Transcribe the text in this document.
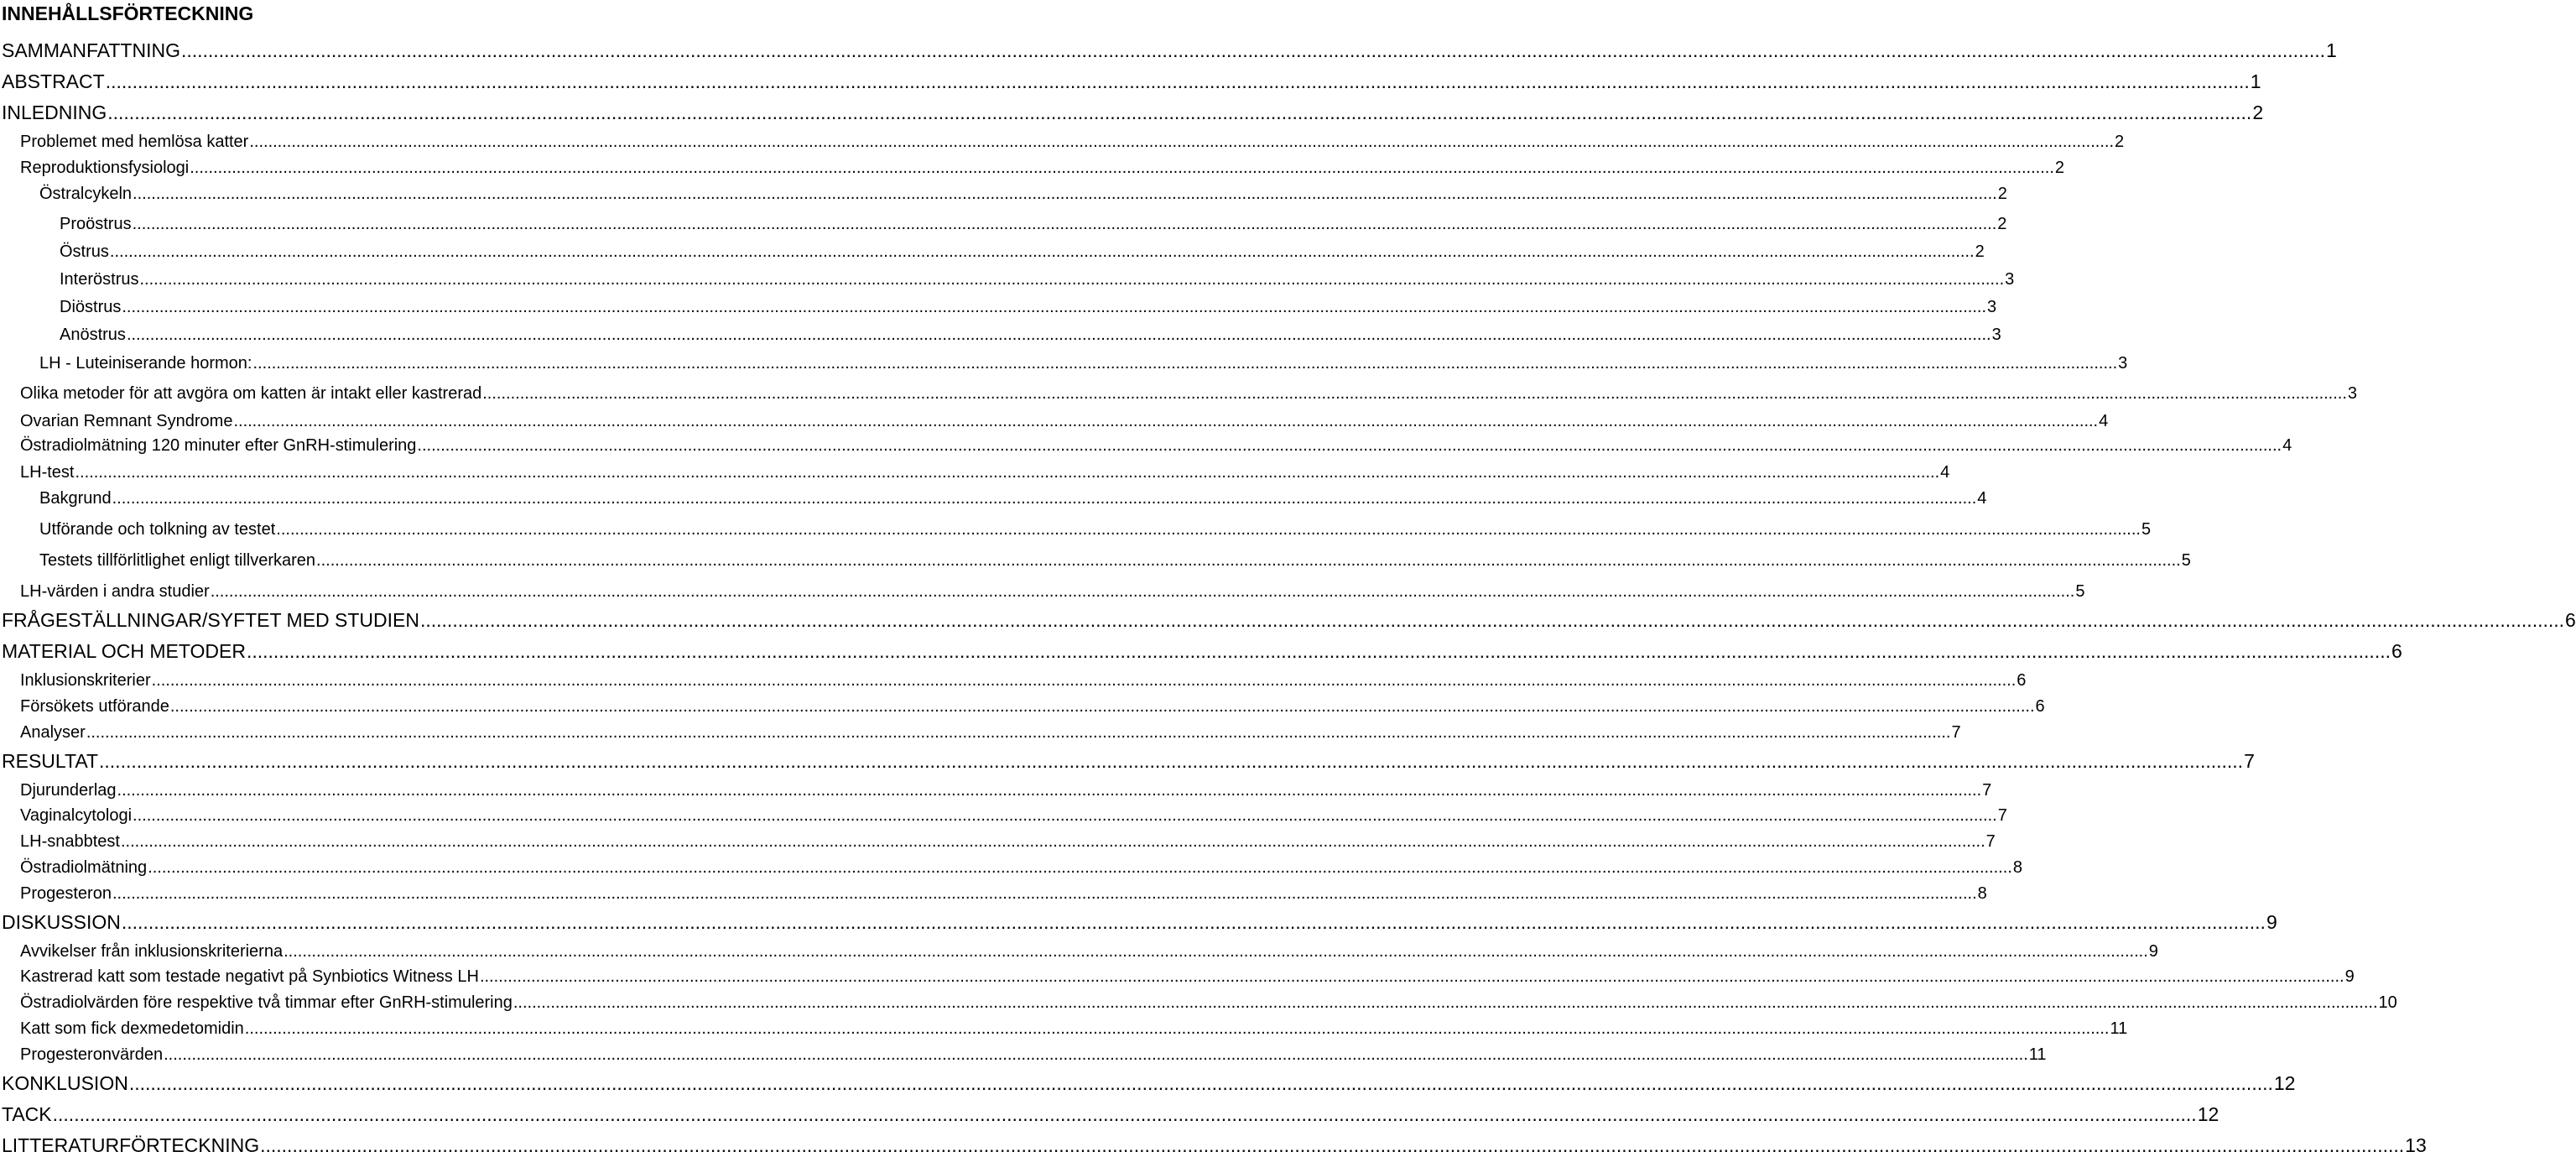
INNEHÅLLSFÖRTECKNING
SAMMANFATTNING ................................................................................................................................................................................................................................................................................................................................................................................................................ 1
ABSTRACT ................................................................................................................................................................................................................................................................................................................................................................................................................ 1
INLEDNING ................................................................................................................................................................................................................................................................................................................................................................................................................ 2
Problemet med hemlösa katter ................................................................................................................................................................................................................................................................................................................................................................................................................ 2
Reproduktionsfysiologi ................................................................................................................................................................................................................................................................................................................................................................................................................ 2
Östralcykeln ................................................................................................................................................................................................................................................................................................................................................................................................................ 2
Proöstrus ................................................................................................................................................................................................................................................................................................................................................................................................................ 2
Östrus ................................................................................................................................................................................................................................................................................................................................................................................................................ 2
Interöstrus ................................................................................................................................................................................................................................................................................................................................................................................................................ 3
Diöstrus ................................................................................................................................................................................................................................................................................................................................................................................................................ 3
Anöstrus ................................................................................................................................................................................................................................................................................................................................................................................................................ 3
LH - Luteiniserande hormon: ................................................................................................................................................................................................................................................................................................................................................................................................................ 3
Olika metoder för att avgöra om katten är intakt eller kastrerad ................................................................................................................................................................................................................................................................................................................................................................................................................ 3
Ovarian Remnant Syndrome ................................................................................................................................................................................................................................................................................................................................................................................................................ 4
Östradiolmätning 120 minuter efter GnRH-stimulering ................................................................................................................................................................................................................................................................................................................................................................................................................ 4
LH-test ................................................................................................................................................................................................................................................................................................................................................................................................................ 4
Bakgrund ................................................................................................................................................................................................................................................................................................................................................................................................................ 4
Utförande och tolkning av testet ................................................................................................................................................................................................................................................................................................................................................................................................................ 5
Testets tillförlitlighet enligt tillverkaren ................................................................................................................................................................................................................................................................................................................................................................................................................ 5
LH-värden i andra studier ................................................................................................................................................................................................................................................................................................................................................................................................................ 5
FRÅGESTÄLLNINGAR/SYFTET MED STUDIEN ................................................................................................................................................................................................................................................................................................................................................................................................................ 6
MATERIAL OCH METODER ................................................................................................................................................................................................................................................................................................................................................................................................................ 6
Inklusionskriterier ................................................................................................................................................................................................................................................................................................................................................................................................................ 6
Försökets utförande ................................................................................................................................................................................................................................................................................................................................................................................................................ 6
Analyser ................................................................................................................................................................................................................................................................................................................................................................................................................ 7
RESULTAT ................................................................................................................................................................................................................................................................................................................................................................................................................ 7
Djurunderlag ................................................................................................................................................................................................................................................................................................................................................................................................................ 7
Vaginalcytologi ................................................................................................................................................................................................................................................................................................................................................................................................................ 7
LH-snabbtest ................................................................................................................................................................................................................................................................................................................................................................................................................ 7
Östradiolmätning ................................................................................................................................................................................................................................................................................................................................................................................................................ 8
Progesteron ................................................................................................................................................................................................................................................................................................................................................................................................................ 8
DISKUSSION ................................................................................................................................................................................................................................................................................................................................................................................................................ 9
Avvikelser från inklusionskriterierna ................................................................................................................................................................................................................................................................................................................................................................................................................ 9
Kastrerad katt som testade negativt på Synbiotics Witness LH ................................................................................................................................................................................................................................................................................................................................................................................................................ 9
Östradiolvärden före respektive två timmar efter GnRH-stimulering ................................................................................................................................................................................................................................................................................................................................................................................................................ 10
Katt som fick dexmedetomidin ................................................................................................................................................................................................................................................................................................................................................................................................................ 11
Progesteronvärden ................................................................................................................................................................................................................................................................................................................................................................................................................ 11
KONKLUSION ................................................................................................................................................................................................................................................................................................................................................................................................................ 12
TACK ................................................................................................................................................................................................................................................................................................................................................................................................................ 12
LITTERATURFÖRTECKNING ................................................................................................................................................................................................................................................................................................................................................................................................................ 13
